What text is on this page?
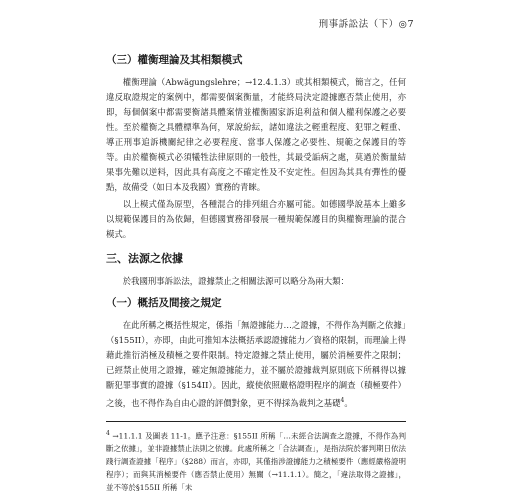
刑事訴訟法（下）◎7
（三）權衡理論及其相類模式

權衡理論（Abwägungslehre；→12.4.1.3）或其相類模式，簡言之，任何違反取證規定的案例中，都需要個案衡量，才能終局決定證據應否禁止使用，亦即，每個個案中都需要衡諸具體案情並權衡國家訴追利益和個人權利保護之必要性。至於權衡之具體標準為何，眾說紛紜，諸如違法之輕重程度、犯罪之輕重、導正刑事追訴機關紀律之必要程度、當事人保護之必要性、規範之保護目的等等。由於權衡模式必須犧牲法律原則的一般性，其最受詬病之處，莫過於衡量結果事先難以逆料，因此具有高度之不確定性及不安定性。但因為其具有彈性的優點，故備受（如日本及我國）實務的青睞。

以上模式僅為原型，各種混合的排列組合亦屬可能。如德國學說基本上雖多以規範保護目的為依歸，但德國實務卻發展一種規範保護目的與權衡理論的混合模式。

三、法源之依據

於我國刑事訴訟法，證據禁止之相關法源可以略分為兩大類：

（一）概括及間接之規定

在此所稱之概括性規定，係指「無證據能力…之證據，不得作為判斷之依據」（§155II），亦即，由此可推知本法概括承認證據能力／資格的限制，而理論上得藉此推衍消極及積極之要件限制。特定證據之禁止使用，屬於消極要件之限制；已經禁止使用之證據，確定無證據能力，並不屬於證據裁判原則底下所稱得以據斷犯罪事實的證據（§154II）。因此，縱使依照嚴格證明程序的調查（積極要件）之後，也不得作為自由心證的評價對象，更不得採為裁判之基礎$^4$。

$^4$ →11.1.1 及圖表 11-1。應予注意：§155II 所稱「…未經合法調查之證據，不得作為判斷之依據」，並非證據禁止法則之依據。此處所稱之「合法調查」，是指法院於審判期日依法踐行調查證據「程序」（§288）而言，亦即，其僅指涉證據能力之積極要件（應經嚴格證明程序）；而與其消極要件（應否禁止使用）無關（→11.1.1）。簡之，「違法取得之證據」，並不等於§155II 所稱「未
